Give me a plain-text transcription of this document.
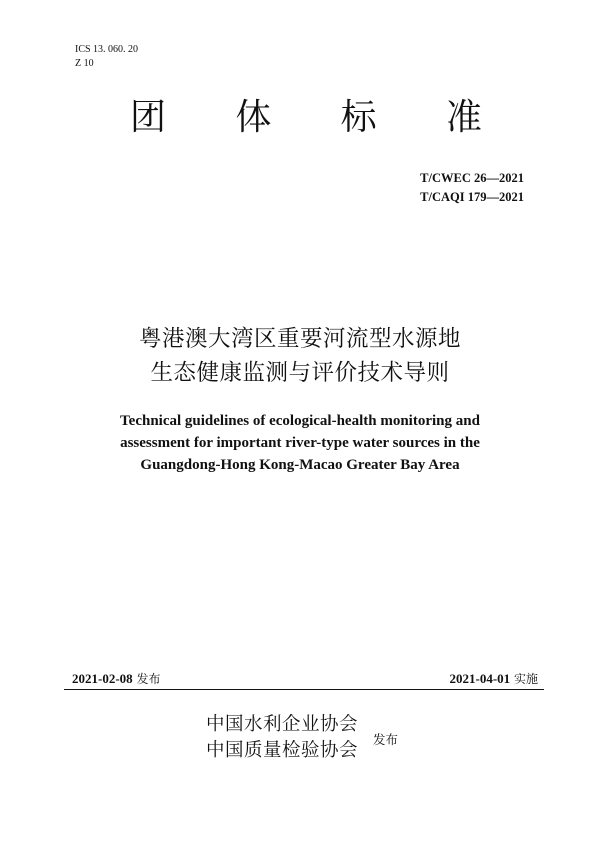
ICS 13. 060. 20
Z 10
团 体 标 准
T/CWEC 26—2021
T/CAQI 179—2021
粤港澳大湾区重要河流型水源地
生态健康监测与评价技术导则
Technical guidelines of ecological-health monitoring and
assessment for important river-type water sources in the
Guangdong-Hong Kong-Macao Greater Bay Area
2021-02-08 发布	2021-04-01 实施
中国水利企业协会
中国质量检验协会
发布
